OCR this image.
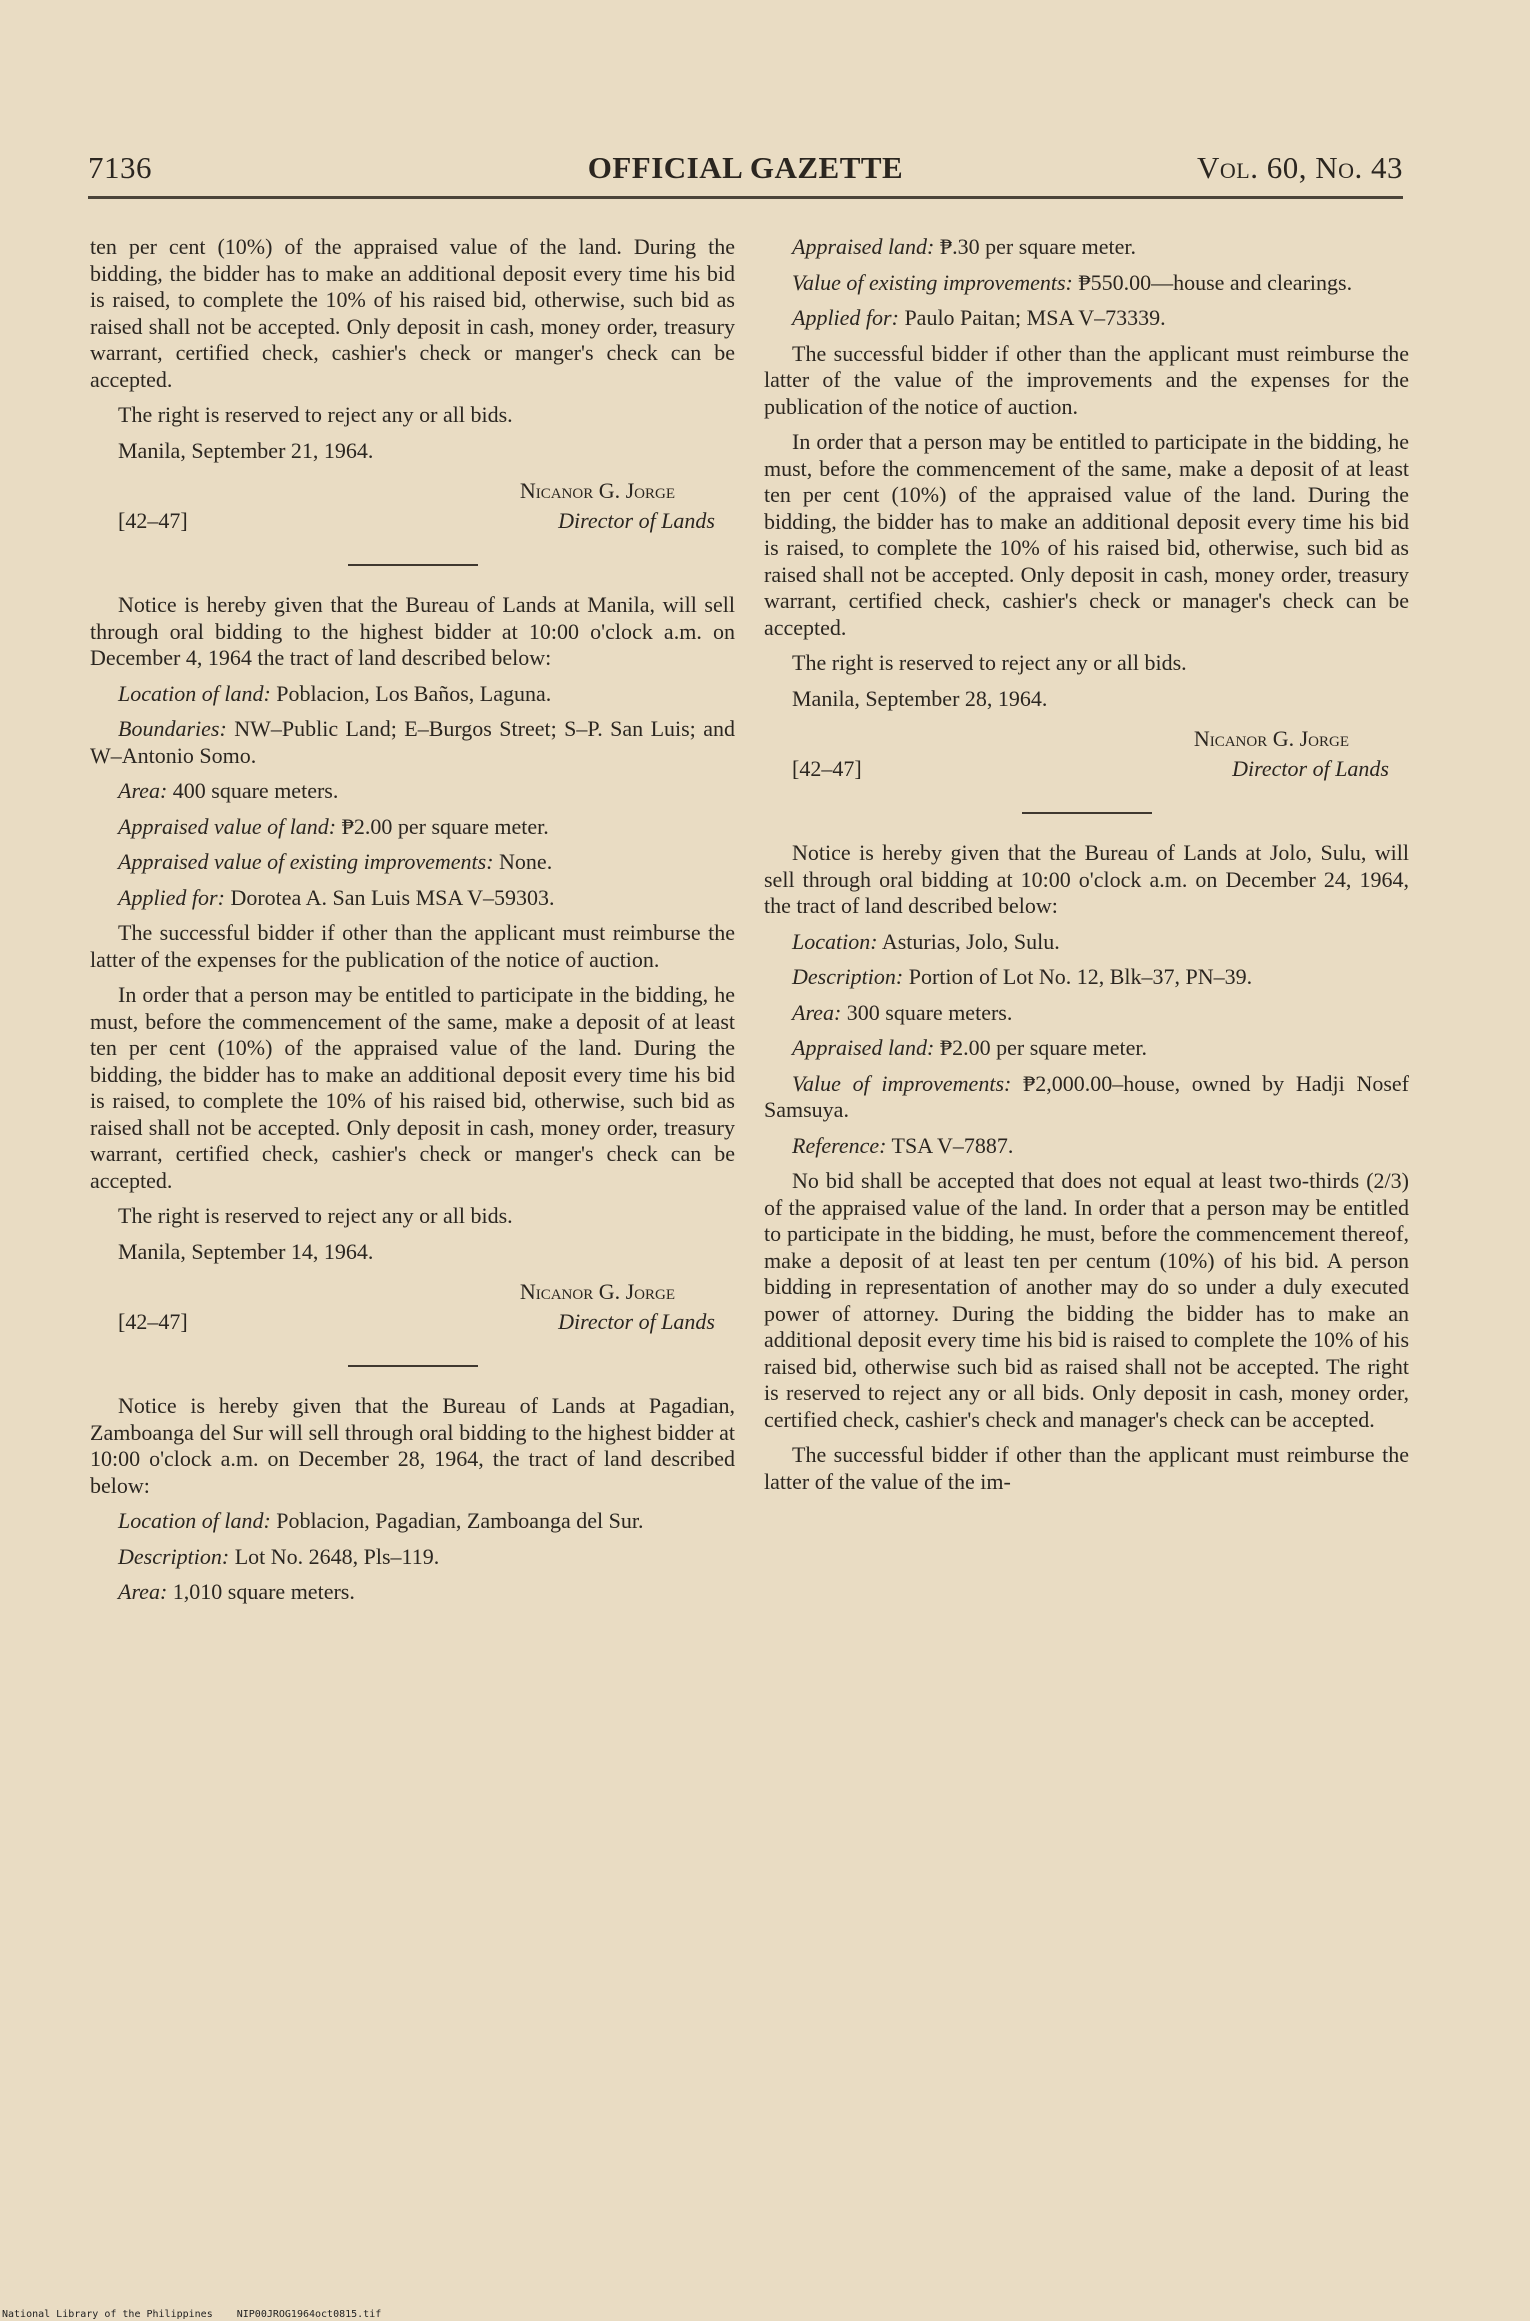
7136	OFFICIAL GAZETTE	Vol. 60, No. 43

ten per cent (10%) of the appraised value of the land. During the bidding, the bidder has to make an additional deposit every time his bid is raised, to complete the 10% of his raised bid, otherwise, such bid as raised shall not be accepted. Only deposit in cash, money order, treasury warrant, certified check, cashier's check or manger's check can be accepted.

The right is reserved to reject any or all bids.

Manila, September 21, 1964.

Nicanor G. Jorge
[42–47]	Director of Lands

Notice is hereby given that the Bureau of Lands at Manila, will sell through oral bidding to the highest bidder at 10:00 o'clock a.m. on December 4, 1964 the tract of land described below:

Location of land: Poblacion, Los Baños, Laguna.

Boundaries: NW–Public Land; E–Burgos Street; S–P. San Luis; and W–Antonio Somo.

Area: 400 square meters.

Appraised value of land: ₱2.00 per square meter.

Appraised value of existing improvements: None.

Applied for: Dorotea A. San Luis MSA V–59303.

The successful bidder if other than the applicant must reimburse the latter of the expenses for the publication of the notice of auction.

In order that a person may be entitled to participate in the bidding, he must, before the commencement of the same, make a deposit of at least ten per cent (10%) of the appraised value of the land. During the bidding, the bidder has to make an additional deposit every time his bid is raised, to complete the 10% of his raised bid, otherwise, such bid as raised shall not be accepted. Only deposit in cash, money order, treasury warrant, certified check, cashier's check or manger's check can be accepted.

The right is reserved to reject any or all bids.

Manila, September 14, 1964.

Nicanor G. Jorge
[42–47]	Director of Lands

Notice is hereby given that the Bureau of Lands at Pagadian, Zamboanga del Sur will sell through oral bidding to the highest bidder at 10:00 o'clock a.m. on December 28, 1964, the tract of land described below:

Location of land: Poblacion, Pagadian, Zamboanga del Sur.

Description: Lot No. 2648, Pls–119.

Area: 1,010 square meters.

Appraised land: ₱.30 per square meter.

Value of existing improvements: ₱550.00—house and clearings.

Applied for: Paulo Paitan; MSA V–73339.

The successful bidder if other than the applicant must reimburse the latter of the value of the improvements and the expenses for the publication of the notice of auction.

In order that a person may be entitled to participate in the bidding, he must, before the commencement of the same, make a deposit of at least ten per cent (10%) of the appraised value of the land. During the bidding, the bidder has to make an additional deposit every time his bid is raised, to complete the 10% of his raised bid, otherwise, such bid as raised shall not be accepted. Only deposit in cash, money order, treasury warrant, certified check, cashier's check or manager's check can be accepted.

The right is reserved to reject any or all bids.

Manila, September 28, 1964.

Nicanor G. Jorge
[42–47]	Director of Lands

Notice is hereby given that the Bureau of Lands at Jolo, Sulu, will sell through oral bidding at 10:00 o'clock a.m. on December 24, 1964, the tract of land described below:

Location: Asturias, Jolo, Sulu.

Description: Portion of Lot No. 12, Blk–37, PN–39.

Area: 300 square meters.

Appraised land: ₱2.00 per square meter.

Value of improvements: ₱2,000.00–house, owned by Hadji Nosef Samsuya.

Reference: TSA V–7887.

No bid shall be accepted that does not equal at least two-thirds (2/3) of the appraised value of the land. In order that a person may be entitled to participate in the bidding, he must, before the commencement thereof, make a deposit of at least ten per centum (10%) of his bid. A person bidding in representation of another may do so under a duly executed power of attorney. During the bidding the bidder has to make an additional deposit every time his bid is raised to complete the 10% of his raised bid, otherwise such bid as raised shall not be accepted. The right is reserved to reject any or all bids. Only deposit in cash, money order, certified check, cashier's check and manager's check can be accepted.

The successful bidder if other than the applicant must reimburse the latter of the value of the im-

National Library of the Philippines NIP00JROG1964oct0815.tif
